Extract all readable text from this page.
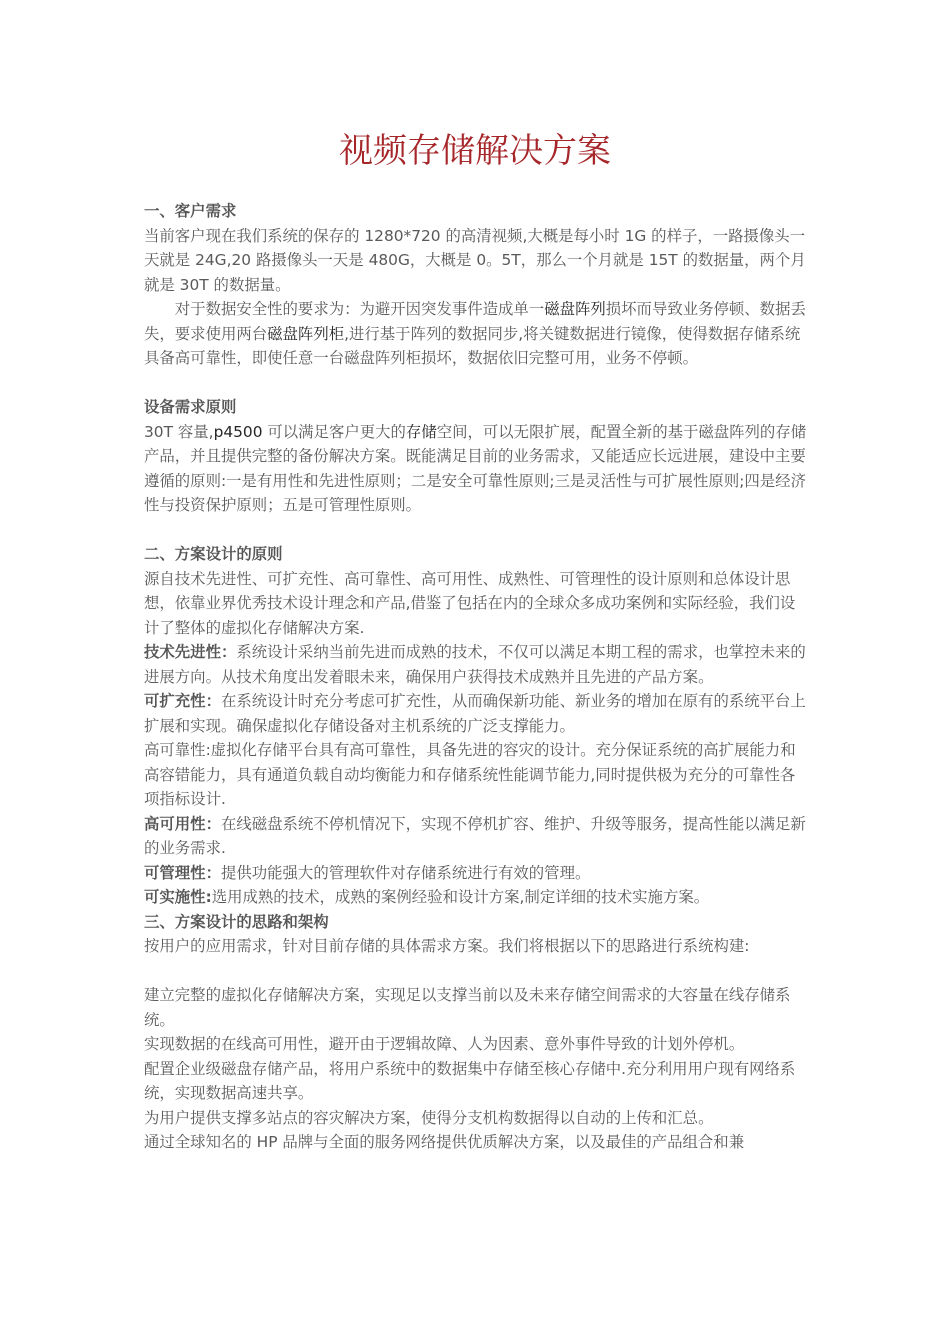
视频存储解决方案

一、客户需求

当前客户现在我们系统的保存的 1280*720 的高清视频,大概是每小时 1G 的样子，一路摄像头一天就是 24G,20 路摄像头一天是 480G，大概是 0。5T，那么一个月就是 15T 的数据量，两个月就是 30T 的数据量。

对于数据安全性的要求为：为避开因突发事件造成单一磁盘阵列损坏而导致业务停顿、数据丢失，要求使用两台磁盘阵列柜,进行基于阵列的数据同步,将关键数据进行镜像，使得数据存储系统具备高可靠性，即使任意一台磁盘阵列柜损坏，数据依旧完整可用，业务不停顿。

设备需求原则

30T 容量,p4500 可以满足客户更大的存储空间，可以无限扩展，配置全新的基于磁盘阵列的存储产品，并且提供完整的备份解决方案。既能满足目前的业务需求，又能适应长远进展，建设中主要遵循的原则:一是有用性和先进性原则；二是安全可靠性原则;三是灵活性与可扩展性原则;四是经济性与投资保护原则；五是可管理性原则。

二、方案设计的原则

源自技术先进性、可扩充性、高可靠性、高可用性、成熟性、可管理性的设计原则和总体设计思想，依靠业界优秀技术设计理念和产品,借鉴了包括在内的全球众多成功案例和实际经验，我们设计了整体的虚拟化存储解决方案.

技术先进性：系统设计采纳当前先进而成熟的技术，不仅可以满足本期工程的需求，也掌控未来的进展方向。从技术角度出发着眼未来，确保用户获得技术成熟并且先进的产品方案。

可扩充性：在系统设计时充分考虑可扩充性，从而确保新功能、新业务的增加在原有的系统平台上扩展和实现。确保虚拟化存储设备对主机系统的广泛支撑能力。

高可靠性:虚拟化存储平台具有高可靠性，具备先进的容灾的设计。充分保证系统的高扩展能力和高容错能力，具有通道负载自动均衡能力和存储系统性能调节能力,同时提供极为充分的可靠性各项指标设计.

高可用性：在线磁盘系统不停机情况下，实现不停机扩容、维护、升级等服务，提高性能以满足新的业务需求.

可管理性：提供功能强大的管理软件对存储系统进行有效的管理。

可实施性:选用成熟的技术，成熟的案例经验和设计方案,制定详细的技术实施方案。

三、方案设计的思路和架构

按用户的应用需求，针对目前存储的具体需求方案。我们将根据以下的思路进行系统构建:

建立完整的虚拟化存储解决方案，实现足以支撑当前以及未来存储空间需求的大容量在线存储系统。

实现数据的在线高可用性，避开由于逻辑故障、人为因素、意外事件导致的计划外停机。

配置企业级磁盘存储产品，将用户系统中的数据集中存储至核心存储中.充分利用用户现有网络系统，实现数据高速共享。

为用户提供支撑多站点的容灾解决方案，使得分支机构数据得以自动的上传和汇总。

通过全球知名的 HP 品牌与全面的服务网络提供优质解决方案，以及最佳的产品组合和兼
